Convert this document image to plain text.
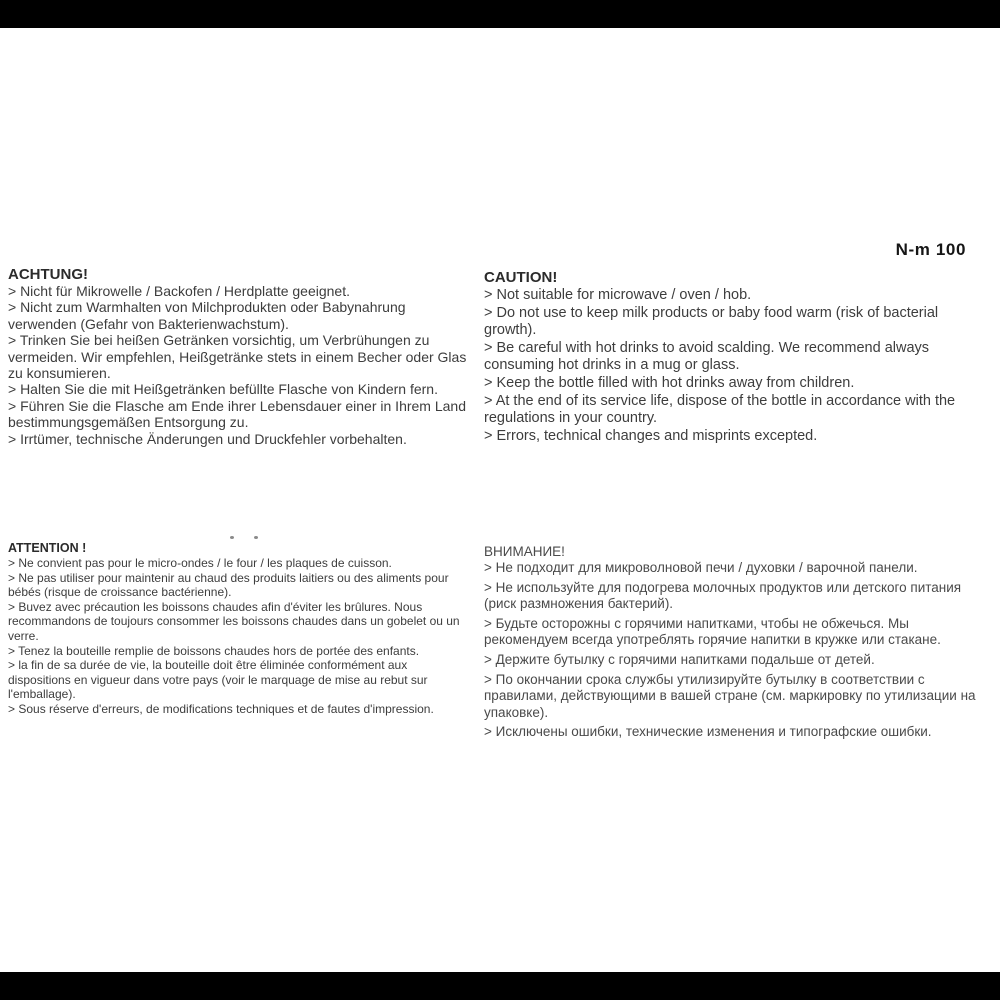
N-m 100
ACHTUNG!

> Nicht für Mikrowelle / Backofen / Herdplatte geeignet.

> Nicht zum Warmhalten von Milchprodukten oder Babynahrung verwenden (Gefahr von Bakterienwachstum).

> Trinken Sie bei heißen Getränken vorsichtig, um Verbrühungen zu vermeiden. Wir empfehlen, Heißgetränke stets in einem Becher oder Glas zu konsumieren.

> Halten Sie die mit Heißgetränken befüllte Flasche von Kindern fern.

> Führen Sie die Flasche am Ende ihrer Lebensdauer einer in Ihrem Land bestimmungsgemäßen Entsorgung zu.

> Irrtümer, technische Änderungen und Druckfehler vorbehalten.

CAUTION!

> Not suitable for microwave / oven / hob.

> Do not use to keep milk products or baby food warm (risk of bacterial growth).

> Be careful with hot drinks to avoid scalding. We recommend always consuming hot drinks in a mug or glass.

> Keep the bottle filled with hot drinks away from children.

> At the end of its service life, dispose of the bottle in accordance with the regulations in your country.

> Errors, technical changes and misprints excepted.

ATTENTION !

> Ne convient pas pour le micro-ondes / le four / les plaques de cuisson.

> Ne pas utiliser pour maintenir au chaud des produits laitiers ou des aliments pour bébés (risque de croissance bactérienne).

> Buvez avec précaution les boissons chaudes afin d'éviter les brûlures. Nous recommandons de toujours consommer les boissons chaudes dans un gobelet ou un verre.

> Tenez la bouteille remplie de boissons chaudes hors de portée des enfants.

> la fin de sa durée de vie, la bouteille doit être éliminée conformément aux dispositions en vigueur dans votre pays (voir le marquage de mise au rebut sur l'emballage).

> Sous réserve d'erreurs, de modifications techniques et de fautes d'impression.

ВНИМАНИЕ!

> Не подходит для микроволновой печи / духовки / варочной панели.

> Не используйте для подогрева молочных продуктов или детского питания (риск размножения бактерий).

> Будьте осторожны с горячими напитками, чтобы не обжечься. Мы рекомендуем всегда употреблять горячие напитки в кружке или стакане.

> Держите бутылку с горячими напитками подальше от детей.

> По окончании срока службы утилизируйте бутылку в соответствии с правилами, действующими в вашей стране (см. маркировку по утилизации на упаковке).

> Исключены ошибки, технические изменения и типографские ошибки.
